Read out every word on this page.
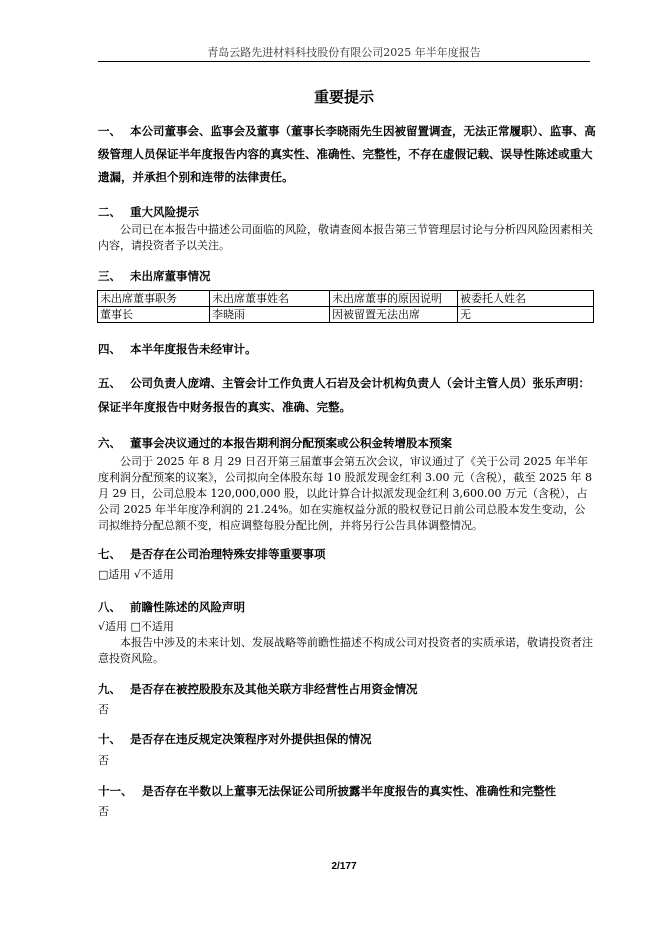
青岛云路先进材料科技股份有限公司2025 年半年度报告
重要提示
一、 本公司董事会、监事会及董事（董事长李晓雨先生因被留置调查，无法正常履职）、监事、高级管理人员保证半年度报告内容的真实性、准确性、完整性，不存在虚假记载、误导性陈述或重大遗漏，并承担个别和连带的法律责任。
二、 重大风险提示
公司已在本报告中描述公司面临的风险，敬请查阅本报告第三节管理层讨论与分析四风险因素相关内容，请投资者予以关注。
三、 未出席董事情况
未出席董事职务	未出席董事姓名	未出席董事的原因说明	被委托人姓名
董事长	李晓雨	因被留置无法出席	无
四、 本半年度报告未经审计。
五、 公司负责人庞靖、主管会计工作负责人石岩及会计机构负责人（会计主管人员）张乐声明：
保证半年度报告中财务报告的真实、准确、完整。
六、 董事会决议通过的本报告期利润分配预案或公积金转增股本预案
公司于 2025 年 8 月 29 日召开第三届董事会第五次会议，审议通过了《关于公司 2025 年半年度利润分配预案的议案》，公司拟向全体股东每 10 股派发现金红利 3.00 元（含税），截至 2025 年 8 月 29 日，公司总股本 120,000,000 股，以此计算合计拟派发现金红利 3,600.00 万元（含税），占公司 2025 年半年度净利润的 21.24%。如在实施权益分派的股权登记日前公司总股本发生变动，公司拟维持分配总额不变，相应调整每股分配比例，并将另行公告具体调整情况。
七、 是否存在公司治理特殊安排等重要事项
□适用 √不适用
八、 前瞻性陈述的风险声明
√适用 □不适用
本报告中涉及的未来计划、发展战略等前瞻性描述不构成公司对投资者的实质承诺，敬请投资者注意投资风险。
九、 是否存在被控股股东及其他关联方非经营性占用资金情况
否
十、 是否存在违反规定决策程序对外提供担保的情况
否
十一、 是否存在半数以上董事无法保证公司所披露半年度报告的真实性、准确性和完整性
否
2/177
